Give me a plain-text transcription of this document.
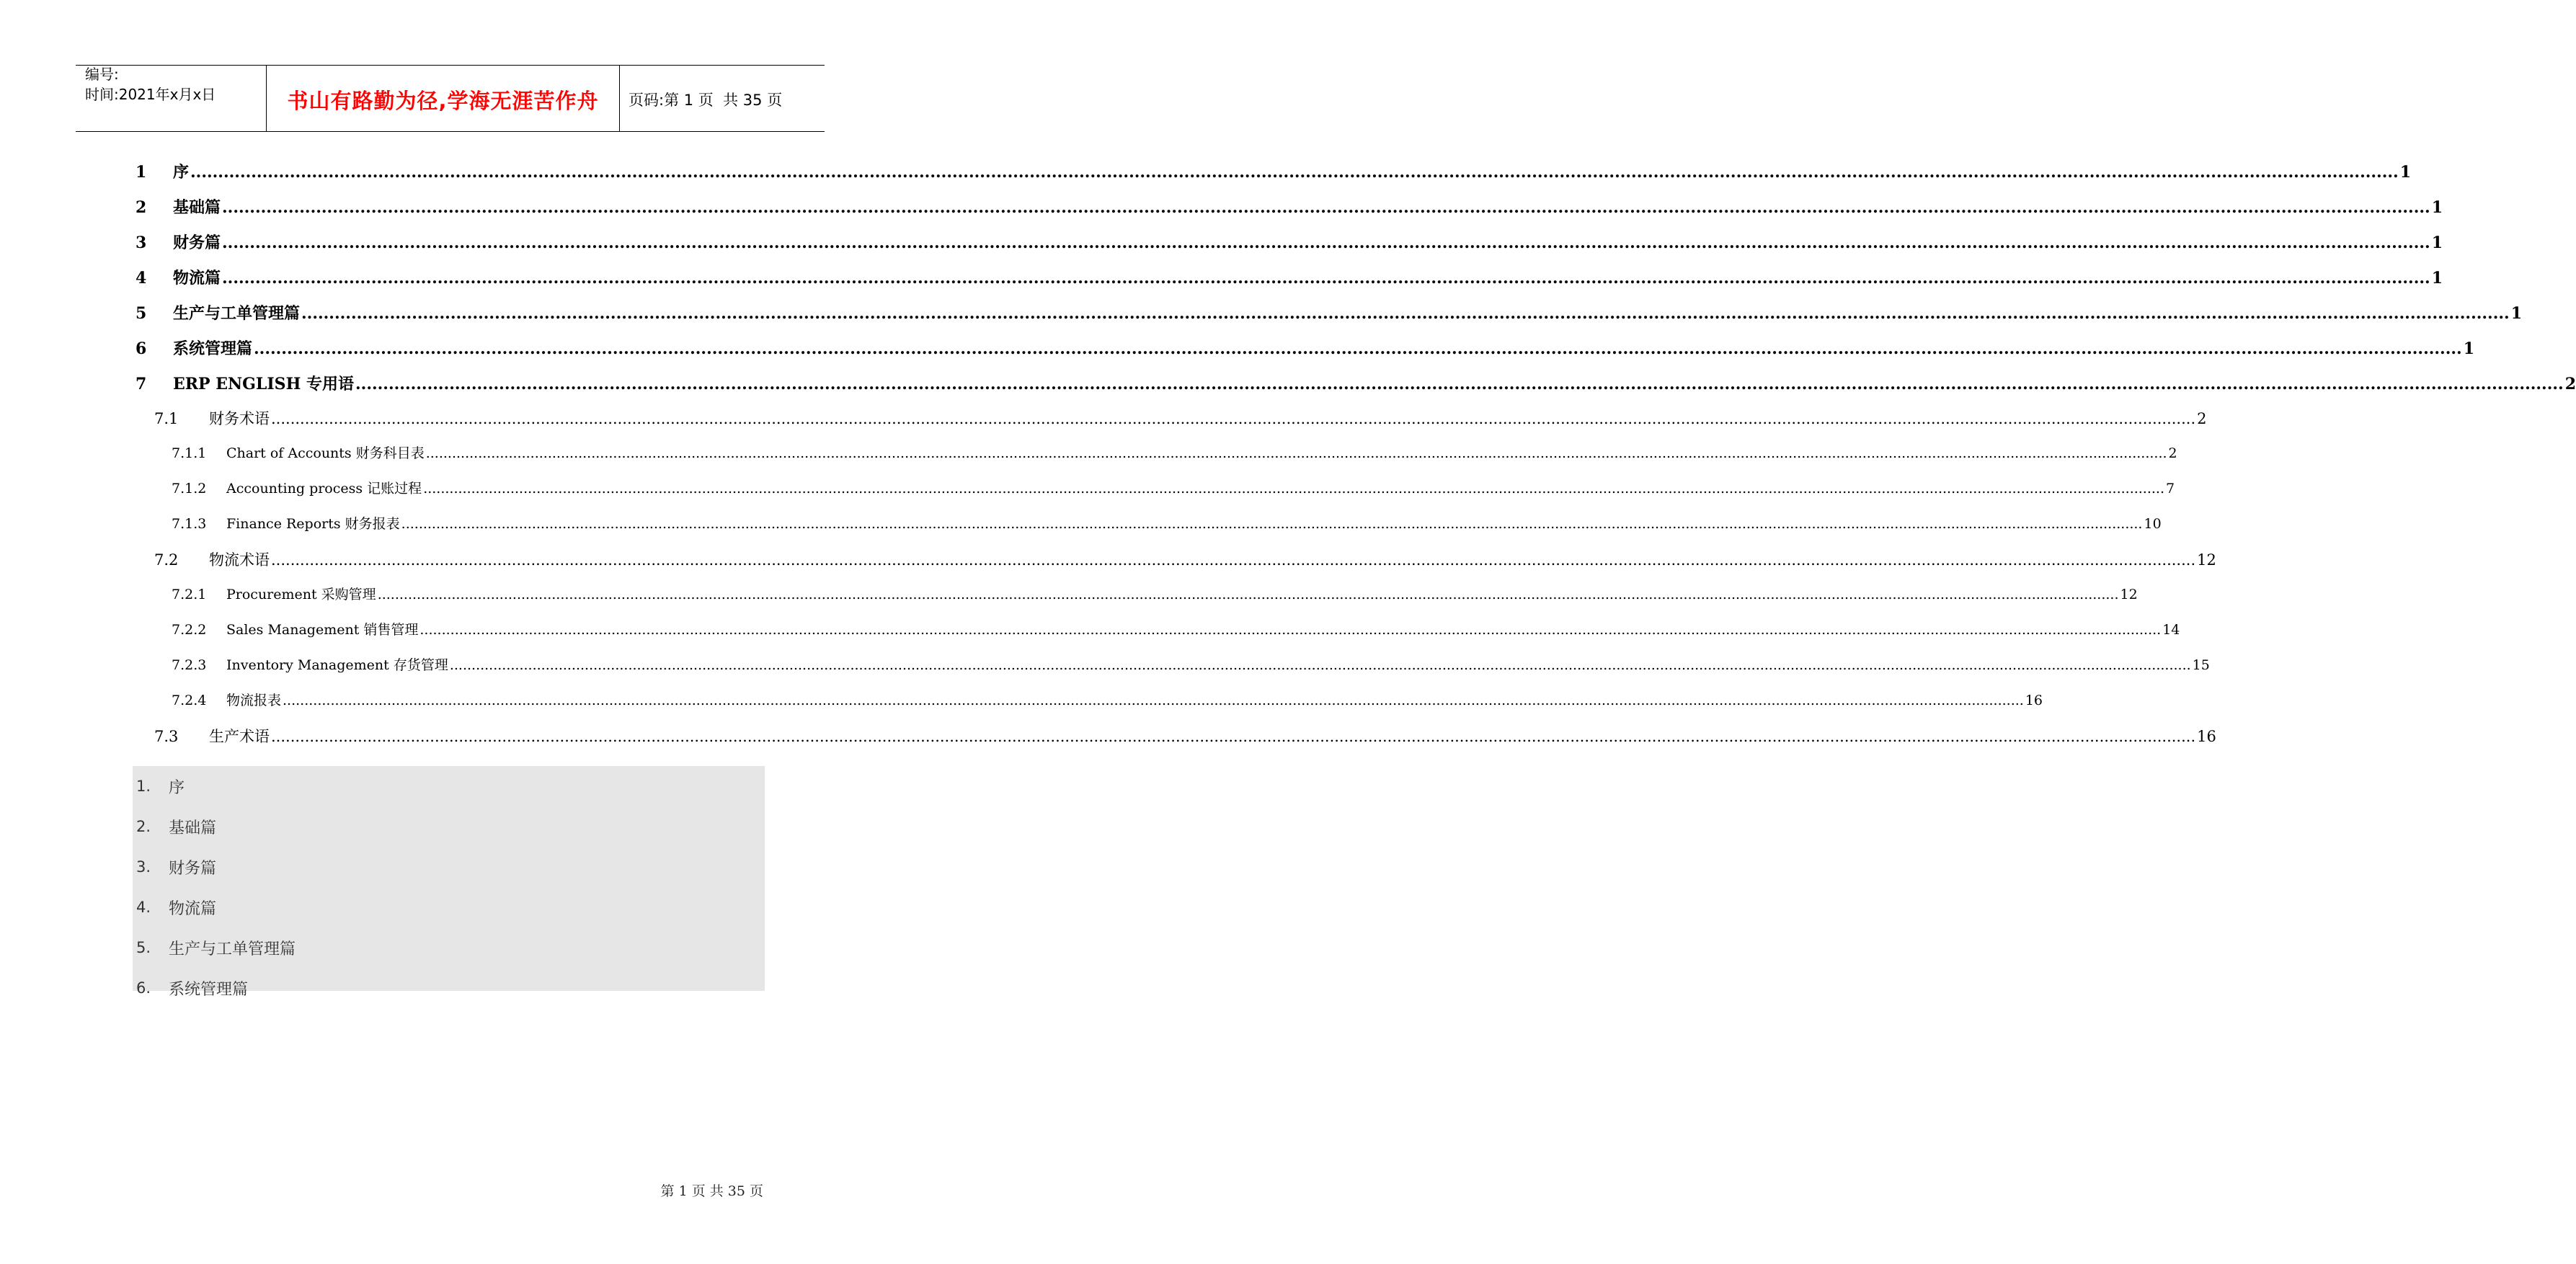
编号:
时间:2021年x月x日	书山有路勤为径,学海无涯苦作舟	页码:第 1 页  共 35 页
1	序 ................................................................................................................................................................................................................................................................................................................................................................................................................ 1
2	基础篇 ................................................................................................................................................................................................................................................................................................................................................................................................................ 1
3	财务篇 ................................................................................................................................................................................................................................................................................................................................................................................................................ 1
4	物流篇 ................................................................................................................................................................................................................................................................................................................................................................................................................ 1
5	生产与工单管理篇 ................................................................................................................................................................................................................................................................................................................................................................................................................ 1
6	系统管理篇 ................................................................................................................................................................................................................................................................................................................................................................................................................ 1
7	ERP ENGLISH 专用语 ................................................................................................................................................................................................................................................................................................................................................................................................................ 2
7.1	财务术语 ................................................................................................................................................................................................................................................................................................................................................................................................................ 2
7.1.1	Chart of Accounts 财务科目表 ................................................................................................................................................................................................................................................................................................................................................................................................................ 2
7.1.2	Accounting process 记账过程 ................................................................................................................................................................................................................................................................................................................................................................................................................ 7
7.1.3	Finance Reports 财务报表 ................................................................................................................................................................................................................................................................................................................................................................................................................ 10
7.2	物流术语 ................................................................................................................................................................................................................................................................................................................................................................................................................ 12
7.2.1	Procurement 采购管理 ................................................................................................................................................................................................................................................................................................................................................................................................................ 12
7.2.2	Sales Management 销售管理 ................................................................................................................................................................................................................................................................................................................................................................................................................ 14
7.2.3	Inventory Management 存货管理 ................................................................................................................................................................................................................................................................................................................................................................................................................ 15
7.2.4	物流报表 ................................................................................................................................................................................................................................................................................................................................................................................................................ 16
7.3	生产术语 ................................................................................................................................................................................................................................................................................................................................................................................................................ 16
1.	序
2.	基础篇
3.	财务篇
4.	物流篇
5.	生产与工单管理篇
6.	系统管理篇
第 1 页 共 35 页
